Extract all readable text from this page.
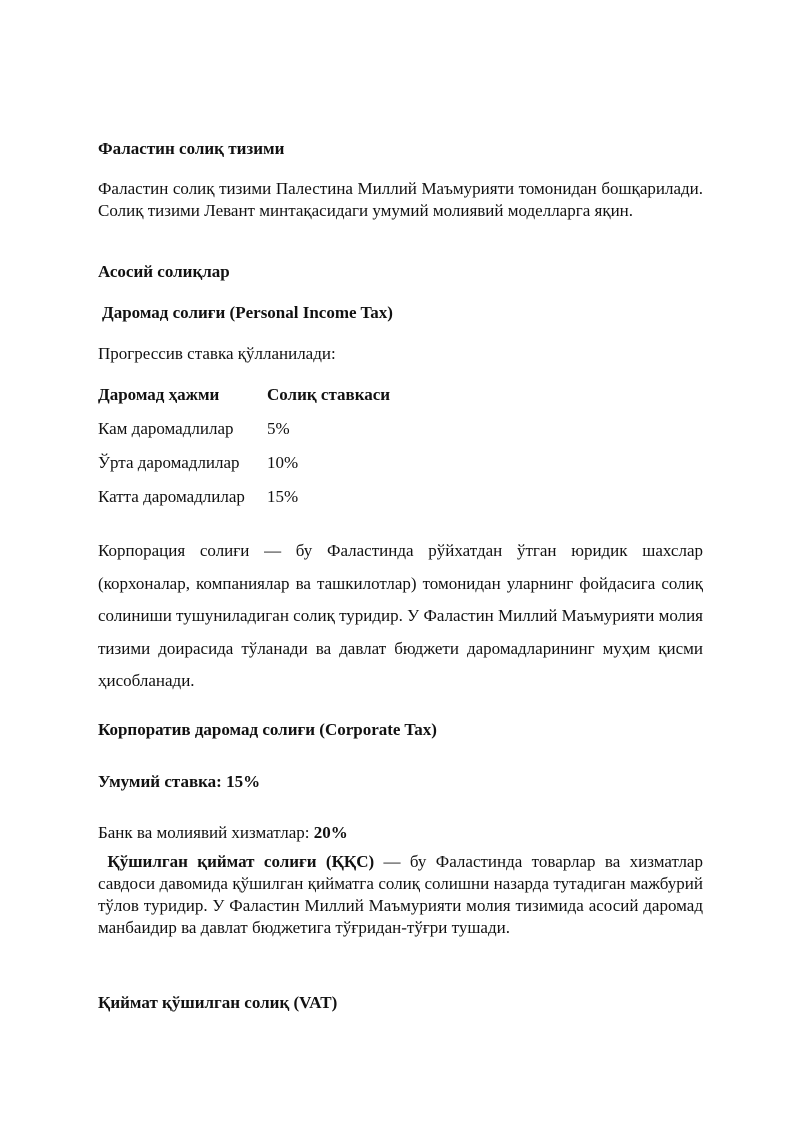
Фаластин солиқ тизими

Фаластин солиқ тизими Палестина Миллий Маъмурияти томонидан бошқарилади. Солиқ тизими Левант минтақасидаги умумий молиявий моделларга яқин.

Асосий солиқлар
Даромад солиғи (Personal Income Tax)
Прогрессив ставка қўлланилади:
Даромад ҳажми	Солиқ ставкаси
Кам даромадлилар 5%
Ўрта даромадлилар 10%
Катта даромадлилар 15%

Корпорация солиғи — бу Фаластинда рўйхатдан ўтган юридик шахслар (корхоналар, компаниялар ва ташкилотлар) томонидан уларнинг фойдасига солиқ солиниши тушуниладиган солиқ туридир. У Фаластин Миллий Маъмурияти молия тизими доирасида тўланади ва давлат бюджети даромадларининг муҳим қисми ҳисобланади.

Корпоратив даромад солиғи (Corporate Tax)
Умумий ставка: 15%
Банк ва молиявий хизматлар: 20%

Қўшилган қиймат солиғи (ҚҚС) — бу Фаластинда товарлар ва хизматлар савдоси давомида қўшилган қийматга солиқ солишни назарда тутадиган мажбурий тўлов туридир. У Фаластин Миллий Маъмурияти молия тизимида асосий даромад манбаидир ва давлат бюджетига тўғридан-тўғри тушади.

Қиймат қўшилган солиқ (VAT)
